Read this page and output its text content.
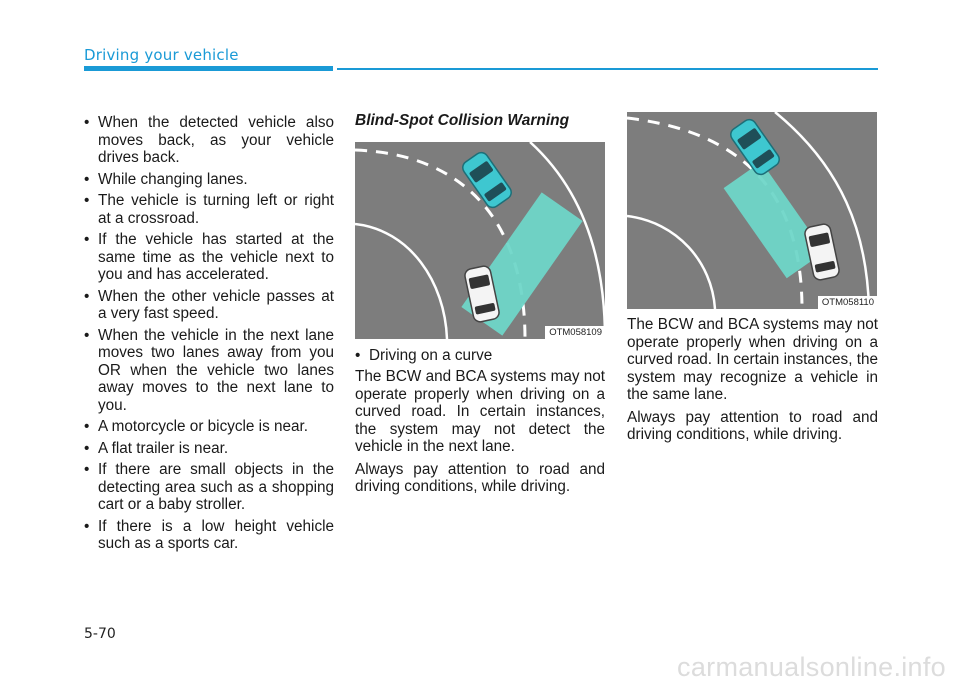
Driving your vehicle
• When the detected vehicle also moves back, as your vehicle drives back.
• While changing lanes.
• The vehicle is turning left or right at a crossroad.
• If the vehicle has started at the same time as the vehicle next to you and has accelerated.
• When the other vehicle passes at a very fast speed.
• When the vehicle in the next lane moves two lanes away from you OR when the vehicle two lanes away moves to the next lane to you.
• A motorcycle or bicycle is near.
• A flat trailer is near.
• If there are small objects in the detecting area such as a shopping cart or a baby stroller.
• If there is a low height vehicle such as a sports car.
Blind-Spot Collision Warning
OTM058109
• Driving on a curve

The BCW and BCA systems may not operate properly when driving on a curved road. In certain instances, the system may not detect the vehicle in the next lane.

Always pay attention to road and driving conditions, while driving.

OTM058110

The BCW and BCA systems may not operate properly when driving on a curved road. In certain instances, the system may recognize a vehicle in the same lane.

Always pay attention to road and driving conditions, while driving.

5-70
carmanualsonline.info
